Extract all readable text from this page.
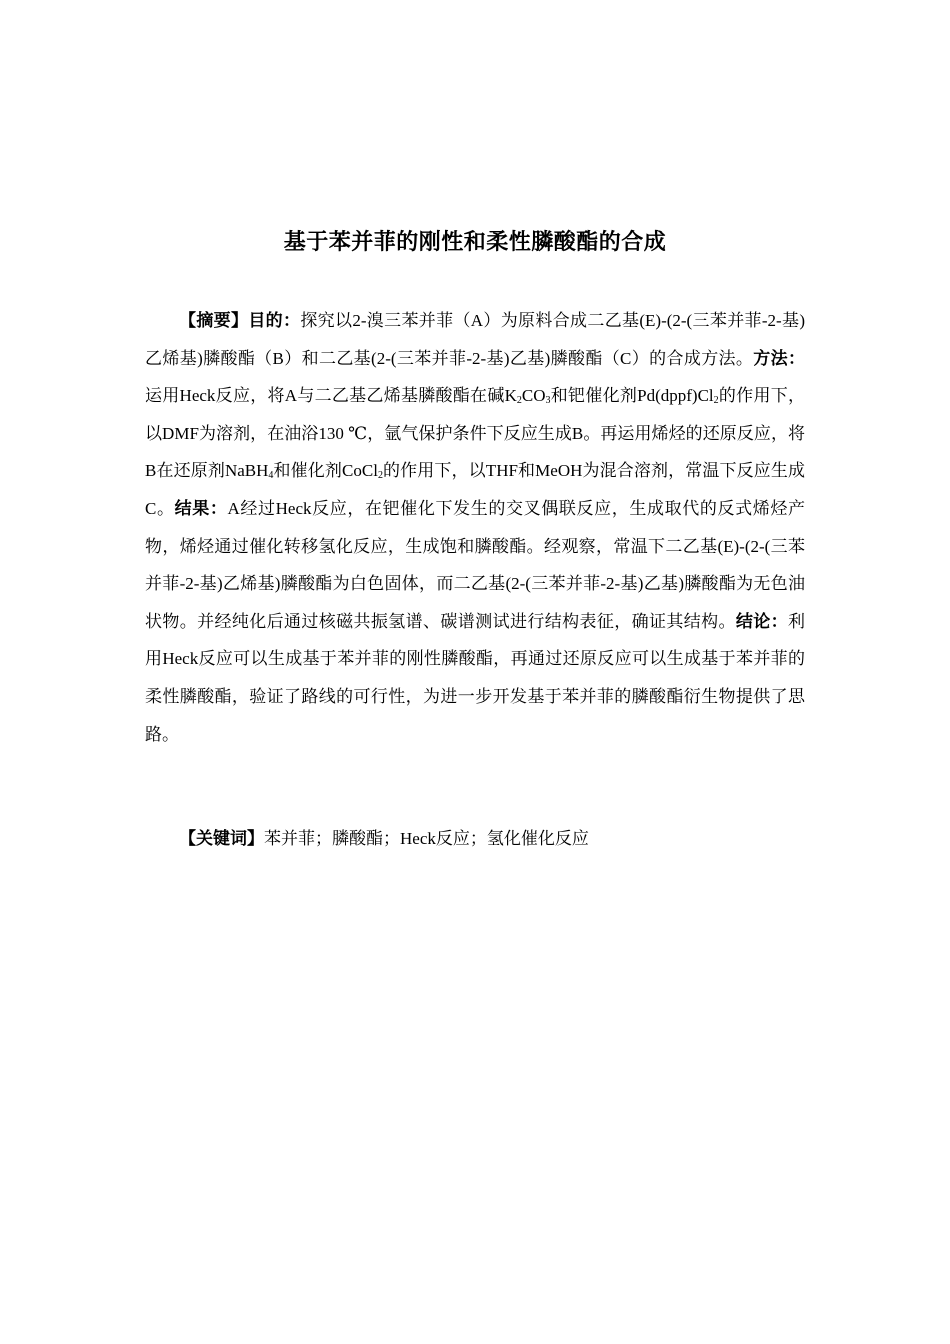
基于苯并菲的刚性和柔性膦酸酯的合成

【摘要】目的：探究以2-溴三苯并菲（A）为原料合成二乙基(E)-(2-(三苯并菲-2-基)乙烯基)膦酸酯（B）和二乙基(2-(三苯并菲-2-基)乙基)膦酸酯（C）的合成方法。方法：运用Heck反应，将A与二乙基乙烯基膦酸酯在碱$K_2CO_3$和钯催化剂$Pd(dppf)Cl_2$的作用下，以DMF为溶剂，在油浴130 ℃，氩气保护条件下反应生成B。再运用烯烃的还原反应，将B在还原剂NaBH$_4$和催化剂CoCl$_2$的作用下，以THF和MeOH为混合溶剂，常温下反应生成C。结果：A经过Heck反应，在钯催化下发生的交叉偶联反应，生成取代的反式烯烃产物，烯烃通过催化转移氢化反应，生成饱和膦酸酯。经观察，常温下二乙基(E)-(2-(三苯并菲-2-基)乙烯基)膦酸酯为白色固体，而二乙基(2-(三苯并菲-2-基)乙基)膦酸酯为无色油状物。并经纯化后通过核磁共振氢谱、碳谱测试进行结构表征，确证其结构。结论：利用Heck反应可以生成基于苯并菲的刚性膦酸酯，再通过还原反应可以生成基于苯并菲的柔性膦酸酯，验证了路线的可行性，为进一步开发基于苯并菲的膦酸酯衍生物提供了思路。

【关键词】苯并菲；膦酸酯；Heck反应；氢化催化反应
